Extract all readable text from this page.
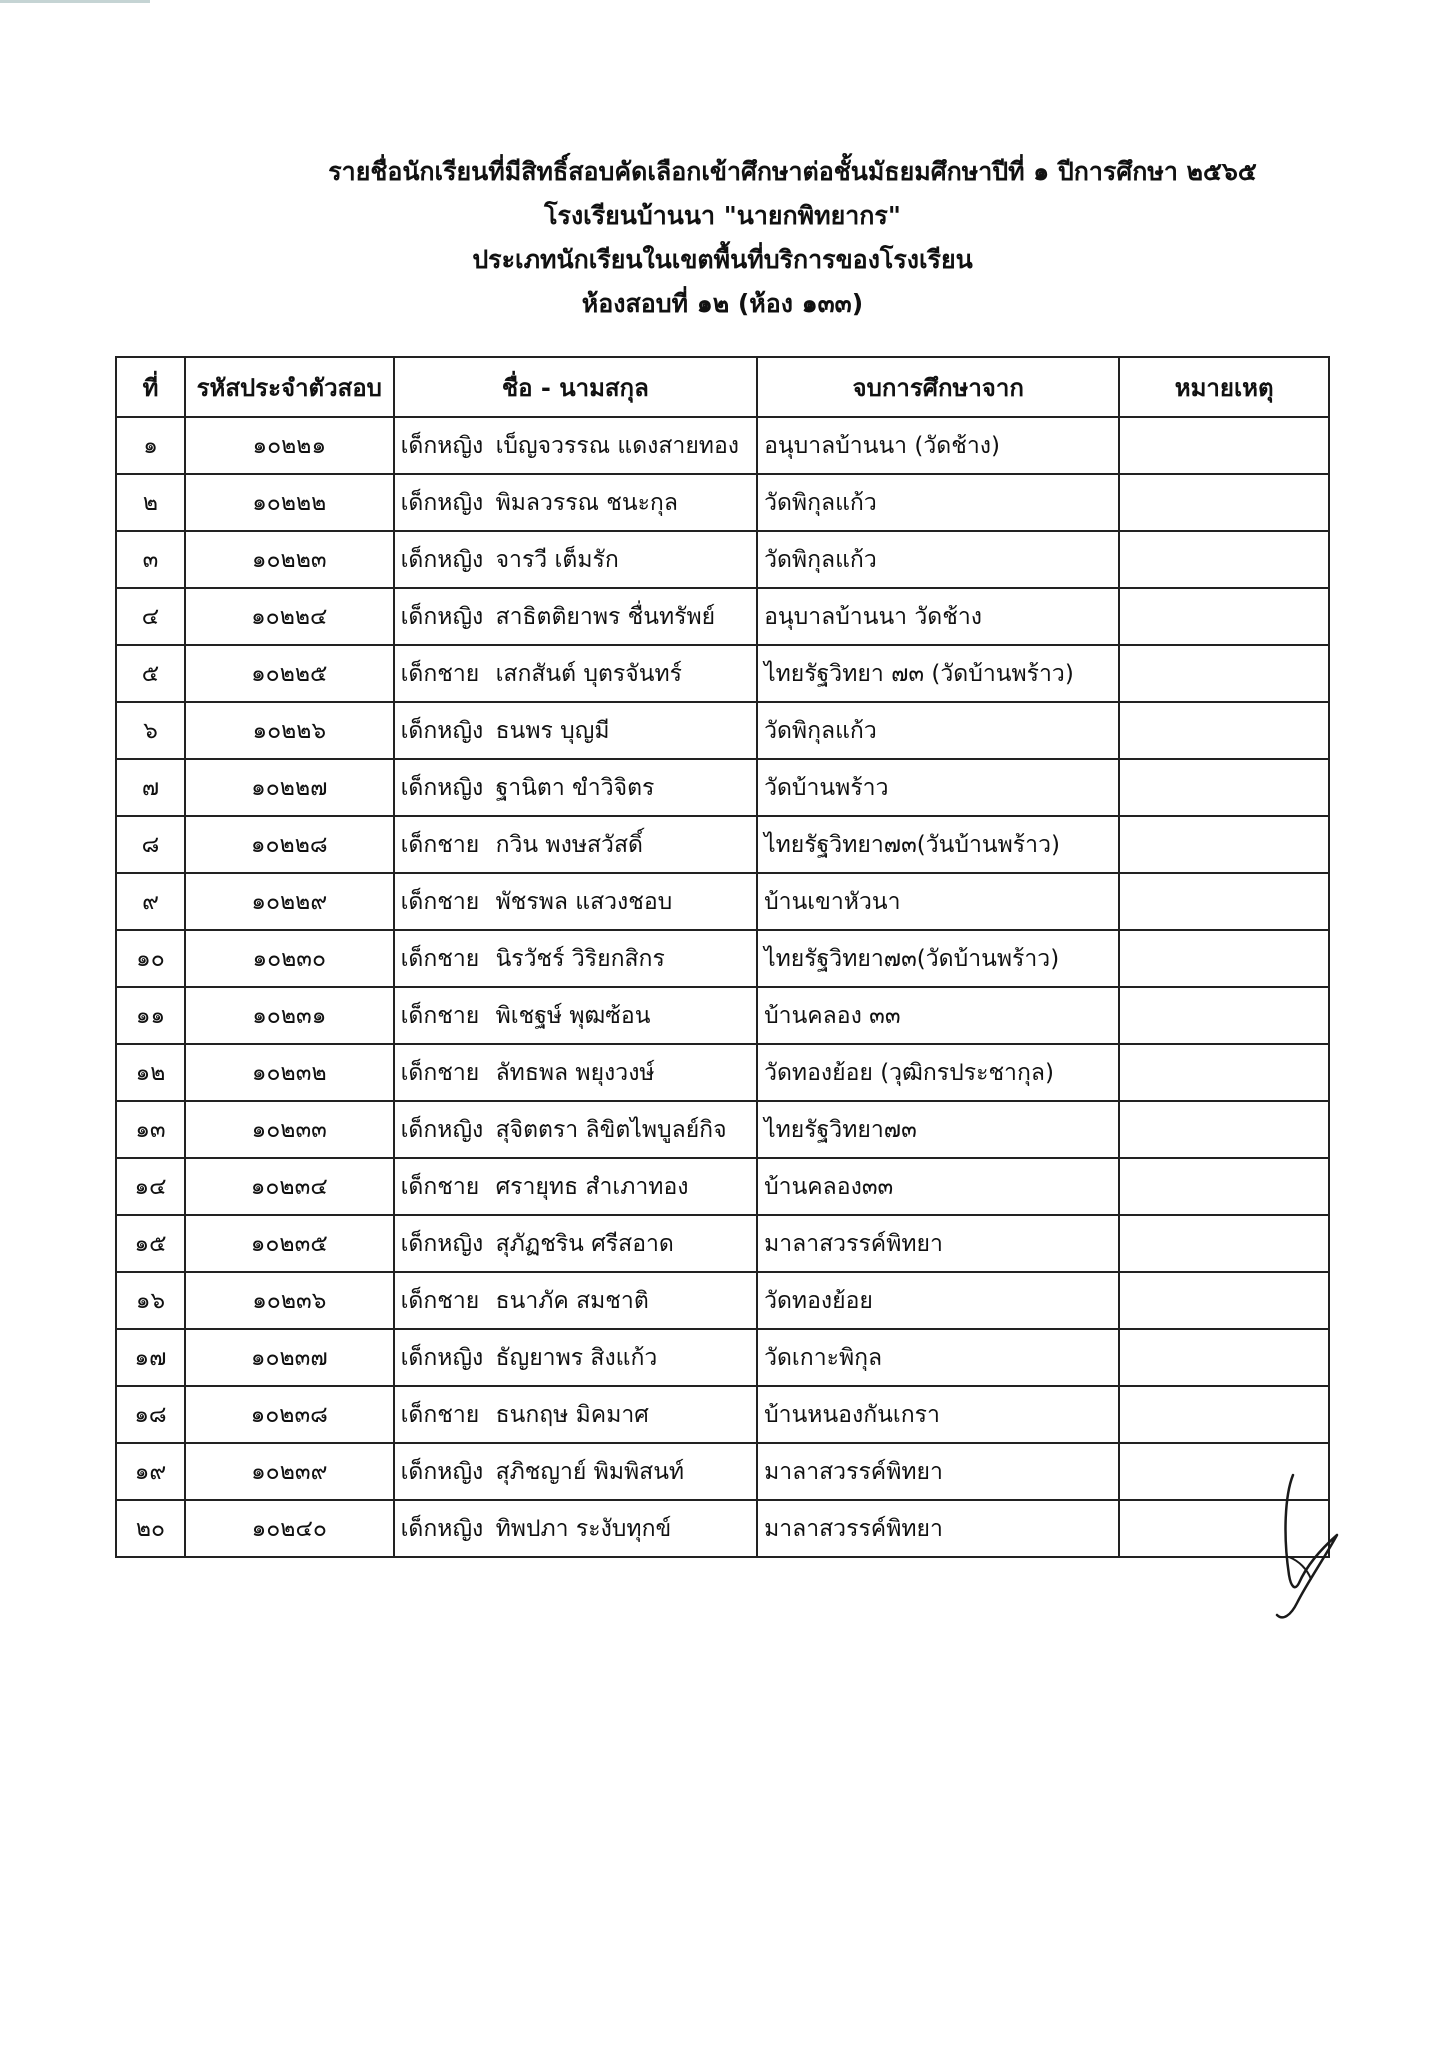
รายชื่อนักเรียนที่มีสิทธิ์สอบคัดเลือกเข้าศึกษาต่อชั้นมัธยมศึกษาปีที่ ๑ ปีการศึกษา ๒๕๖๕
โรงเรียนบ้านนา "นายกพิทยากร"
ประเภทนักเรียนในเขตพื้นที่บริการของโรงเรียน
ห้องสอบที่ ๑๒ (ห้อง ๑๓๓)
ที่	รหัสประจำตัวสอบ	ชื่อ - นามสกุล	จบการศึกษาจาก	หมายเหตุ
๑	๑๐๒๒๑	เด็กหญิง เบ็ญจวรรณ แดงสายทอง	อนุบาลบ้านนา (วัดช้าง)	
๒	๑๐๒๒๒	เด็กหญิง พิมลวรรณ ชนะกุล	วัดพิกุลแก้ว	
๓	๑๐๒๒๓	เด็กหญิง จารวี เต็มรัก	วัดพิกุลแก้ว	
๔	๑๐๒๒๔	เด็กหญิง สาธิตติยาพร ชื่นทรัพย์	อนุบาลบ้านนา วัดช้าง	
๕	๑๐๒๒๕	เด็กชาย เสกสันต์ บุตรจันทร์	ไทยรัฐวิทยา ๗๓ (วัดบ้านพร้าว)	
๖	๑๐๒๒๖	เด็กหญิง ธนพร บุญมี	วัดพิกุลแก้ว	
๗	๑๐๒๒๗	เด็กหญิง ฐานิตา ขำวิจิตร	วัดบ้านพร้าว	
๘	๑๐๒๒๘	เด็กชาย กวิน พงษสวัสดิ์	ไทยรัฐวิทยา๗๓(วันบ้านพร้าว)	
๙	๑๐๒๒๙	เด็กชาย พัชรพล แสวงชอบ	บ้านเขาหัวนา	
๑๐	๑๐๒๓๐	เด็กชาย นิรวัชร์ วิริยกสิกร	ไทยรัฐวิทยา๗๓(วัดบ้านพร้าว)	
๑๑	๑๐๒๓๑	เด็กชาย พิเชฐษ์ พุฒซ้อน	บ้านคลอง ๓๓	
๑๒	๑๐๒๓๒	เด็กชาย ลัทธพล พยุงวงษ์	วัดทองย้อย (วุฒิกรประชากุล)	
๑๓	๑๐๒๓๓	เด็กหญิง สุจิตตรา ลิขิตไพบูลย์กิจ	ไทยรัฐวิทยา๗๓	
๑๔	๑๐๒๓๔	เด็กชาย ศรายุทธ สำเภาทอง	บ้านคลอง๓๓	
๑๕	๑๐๒๓๕	เด็กหญิง สุภัฏชริน ศรีสอาด	มาลาสวรรค์พิทยา	
๑๖	๑๐๒๓๖	เด็กชาย ธนาภัค สมชาติ	วัดทองย้อย	
๑๗	๑๐๒๓๗	เด็กหญิง ธัญยาพร สิงแก้ว	วัดเกาะพิกุล	
๑๘	๑๐๒๓๘	เด็กชาย ธนกฤษ มิคมาศ	บ้านหนองกันเกรา	
๑๙	๑๐๒๓๙	เด็กหญิง สุภิชญาย์ พิมพิสนท์	มาลาสวรรค์พิทยา	
๒๐	๑๐๒๔๐	เด็กหญิง ทิพปภา ระงับทุกข์	มาลาสวรรค์พิทยา	
